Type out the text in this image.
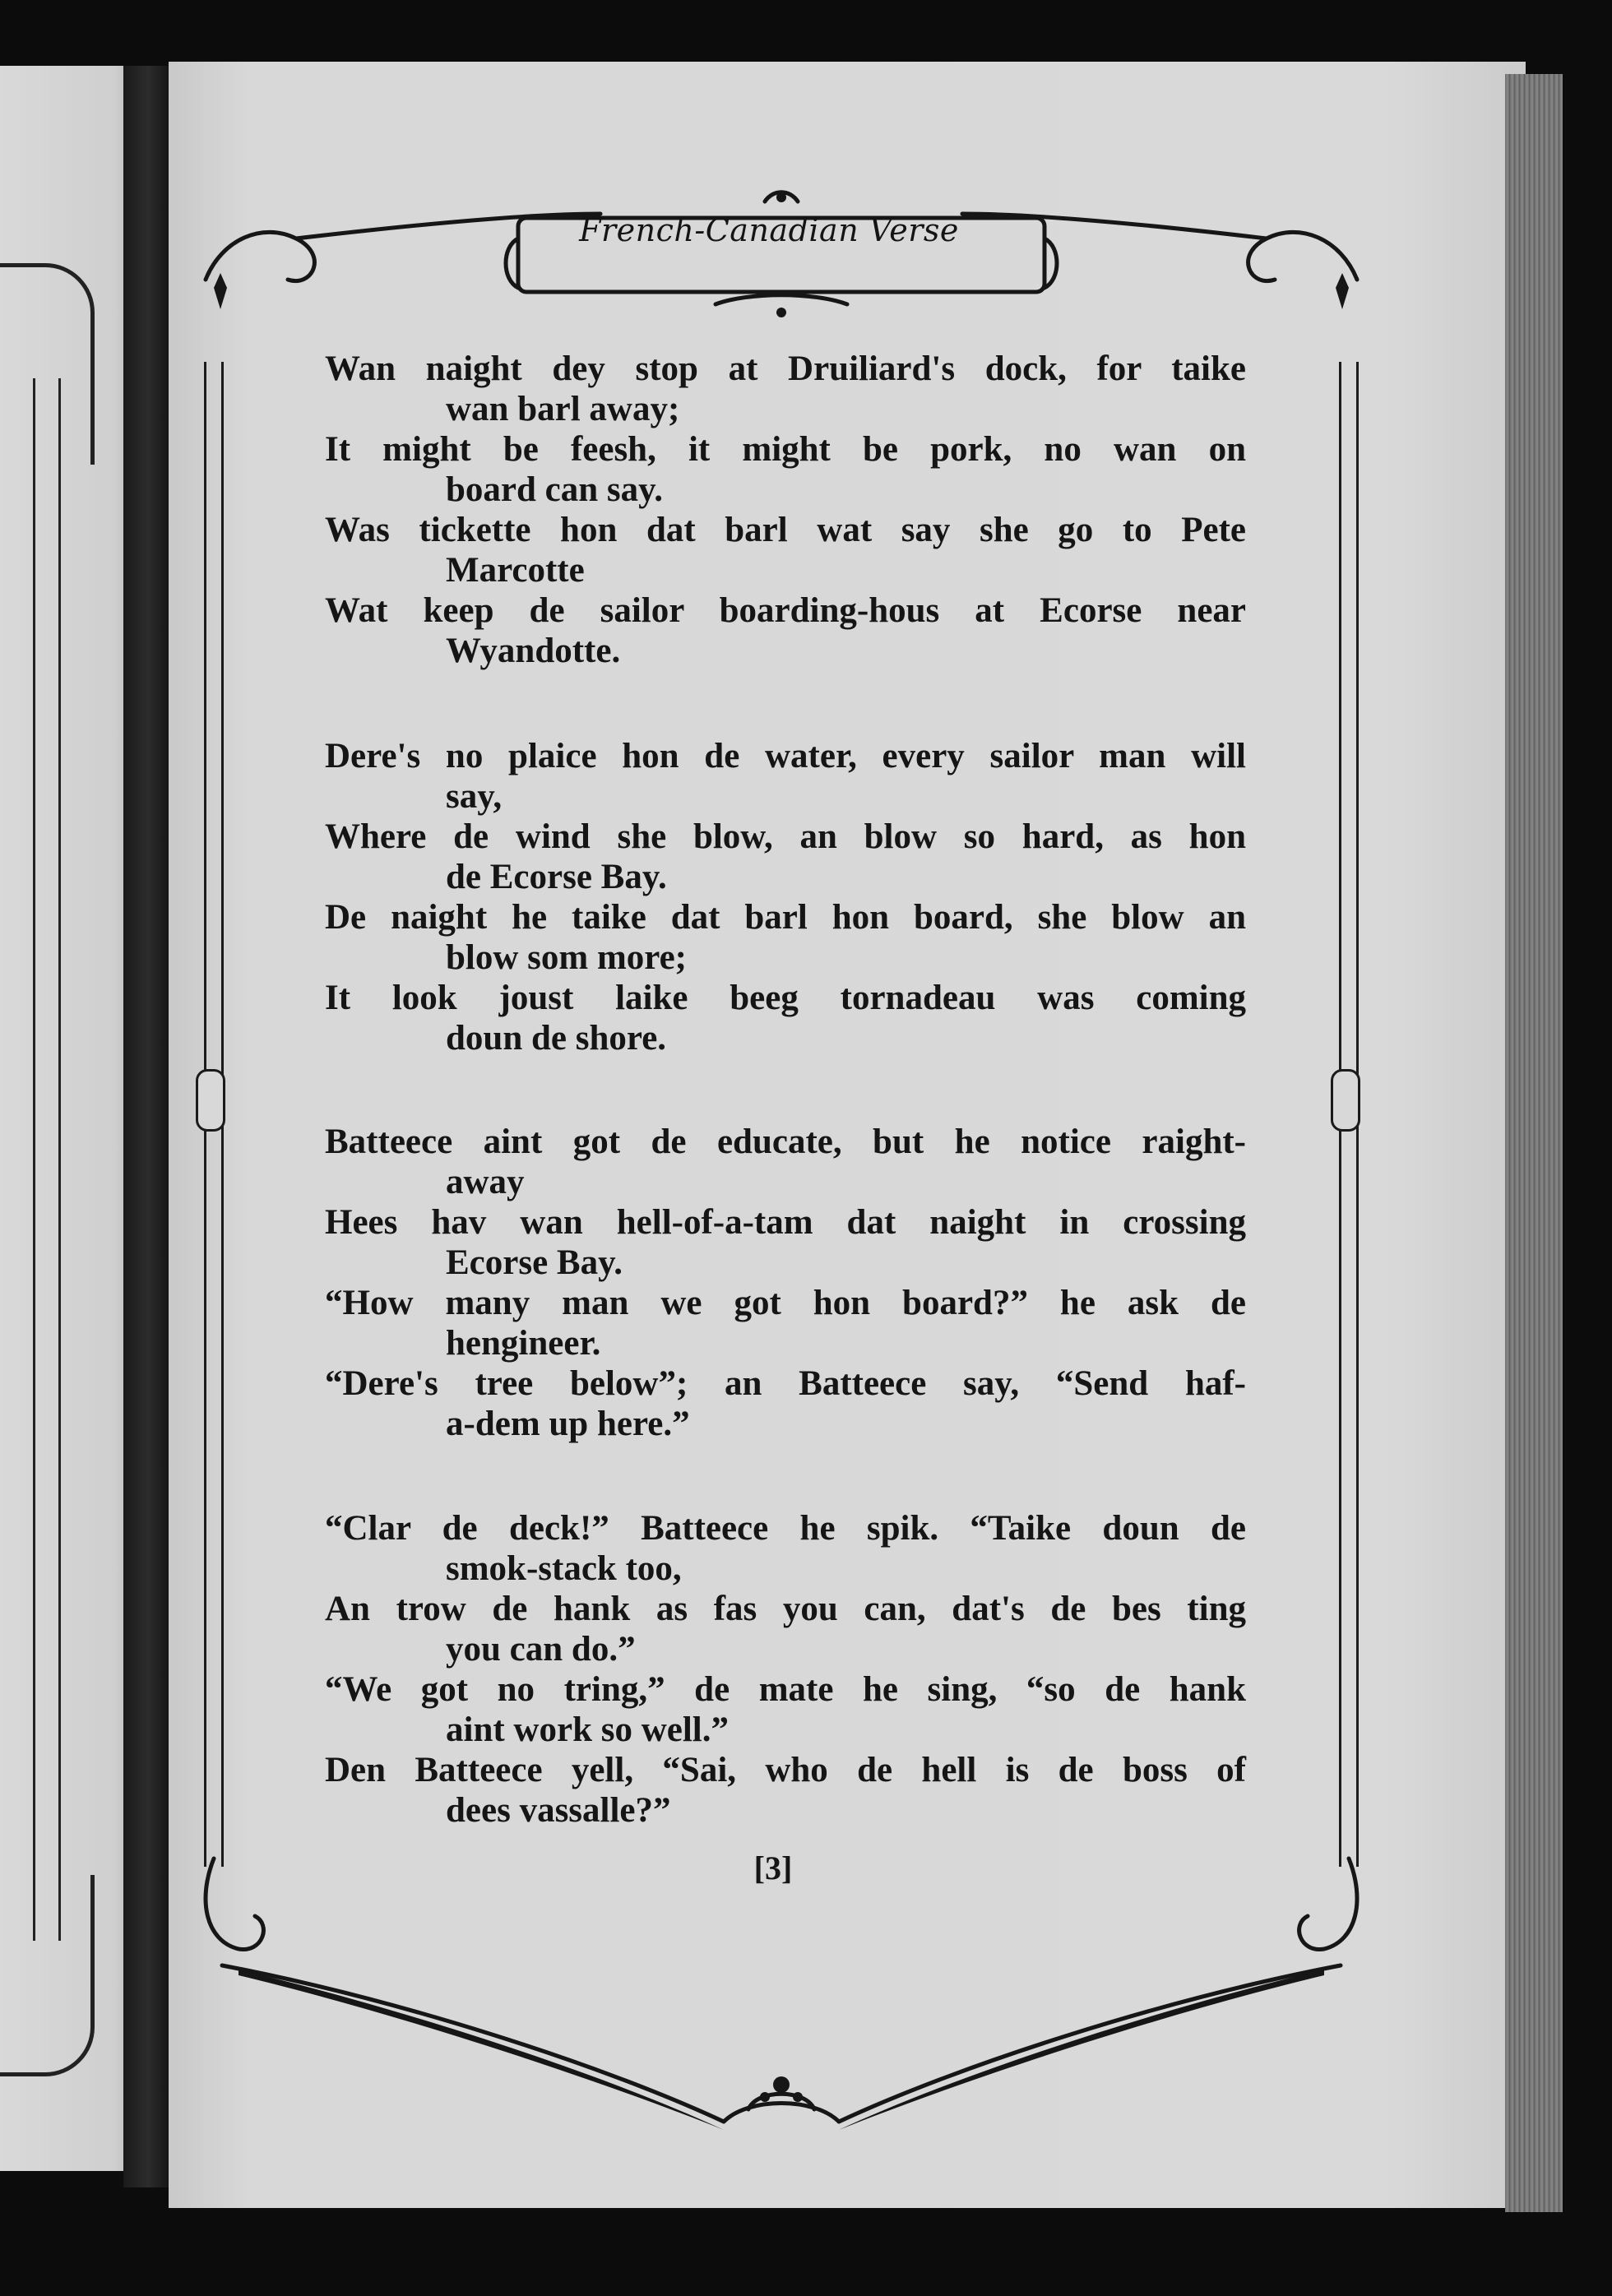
French-Canadian Verse
Wan naight dey stop at Druiliard's dock, for taike
wan barl away;
It might be feesh, it might be pork, no wan on
board can say.
Was tickette hon dat barl wat say she go to Pete
Marcotte
Wat keep de sailor boarding-hous at Ecorse near
Wyandotte.
Dere's no plaice hon de water, every sailor man will
say,
Where de wind she blow, an blow so hard, as hon
de Ecorse Bay.
De naight he taike dat barl hon board, she blow an
blow som more;
It look joust laike beeg tornadeau was coming
doun de shore.
Batteece aint got de educate, but he notice raight-
away
Hees hav wan hell-of-a-tam dat naight in crossing
Ecorse Bay.
“How many man we got hon board?” he ask de
hengineer.
“Dere's tree below”; an Batteece say, “Send haf-
a-dem up here.”
“Clar de deck!” Batteece he spik. “Taike doun de
smok-stack too,
An trow de hank as fas you can, dat's de bes ting
you can do.”
“We got no tring,” de mate he sing, “so de hank
aint work so well.”
Den Batteece yell, “Sai, who de hell is de boss of
dees vassalle?”
[3]
